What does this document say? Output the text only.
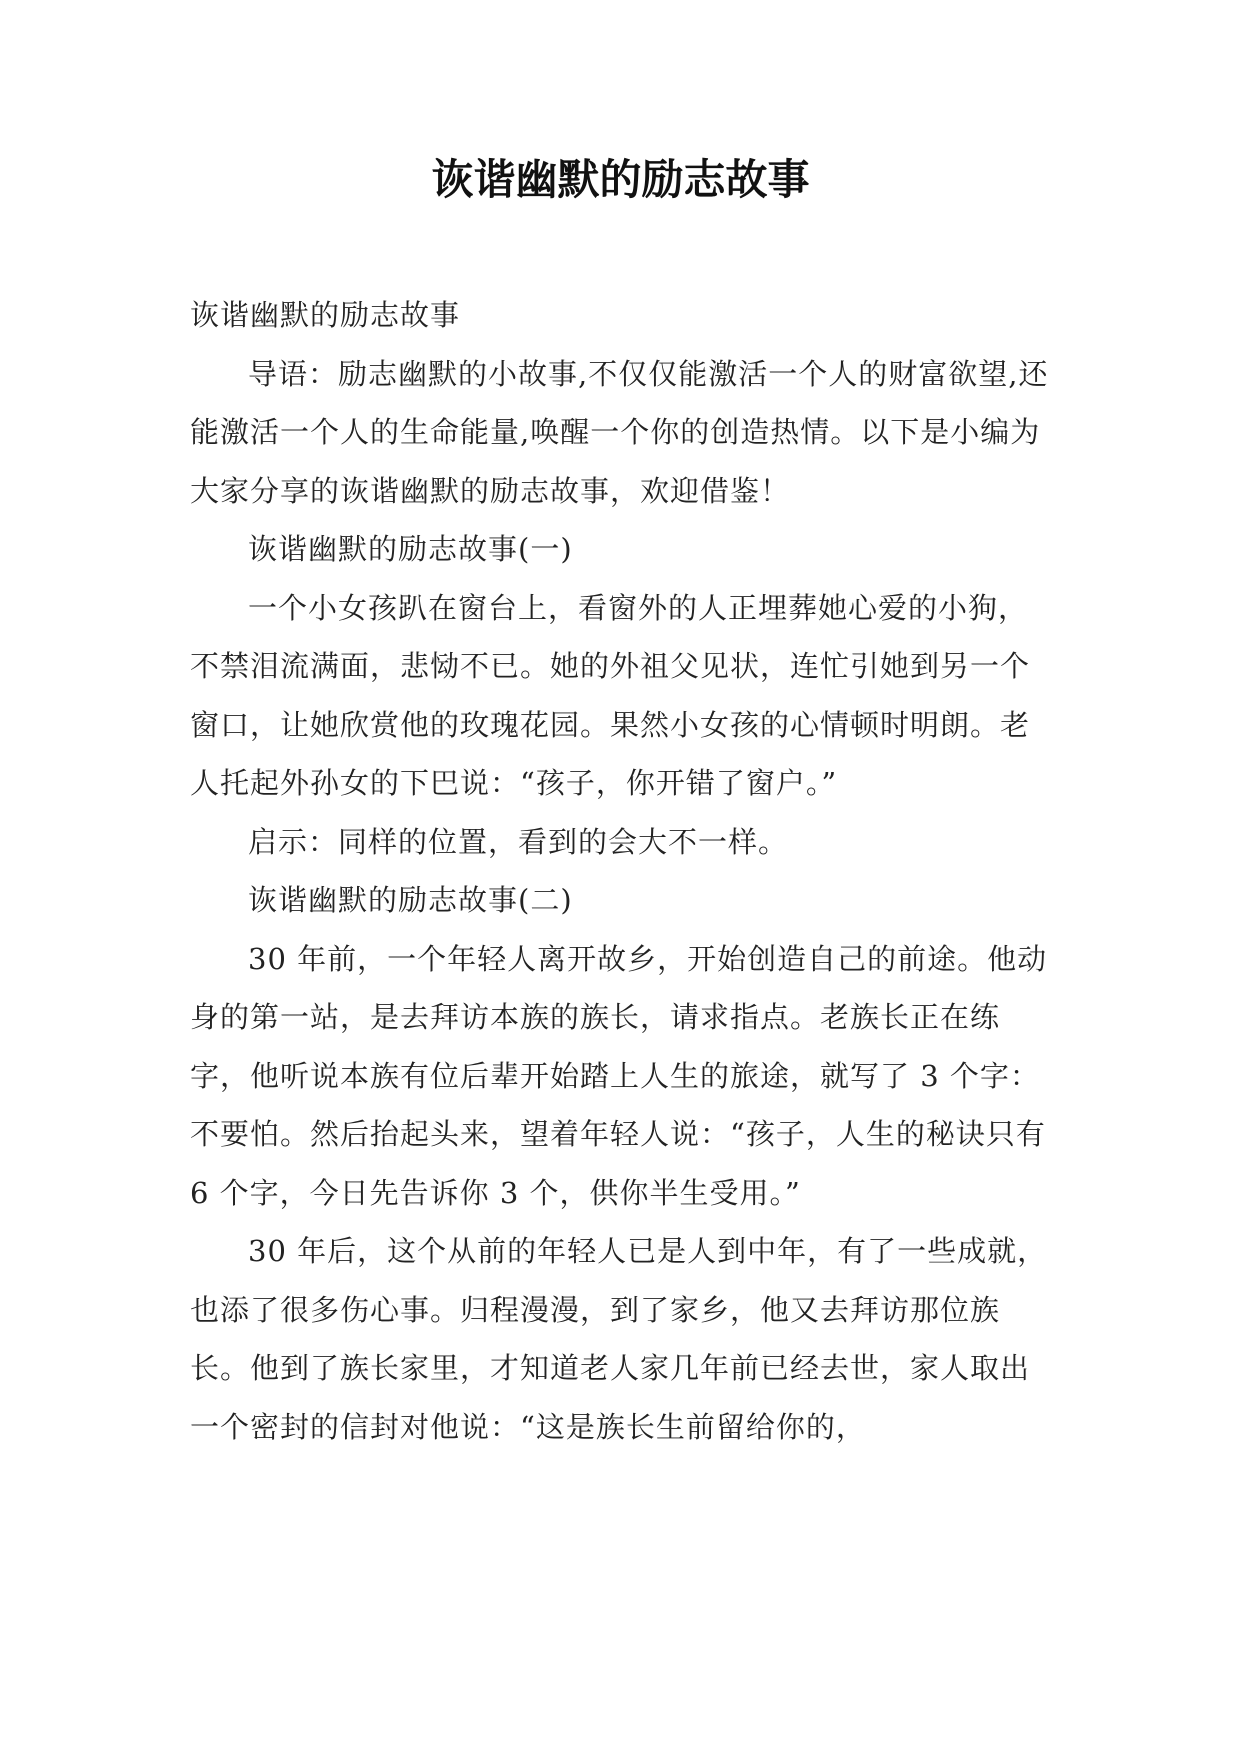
诙谐幽默的励志故事

诙谐幽默的励志故事

导语：励志幽默的小故事,不仅仅能激活一个人的财富欲望,还能激活一个人的生命能量,唤醒一个你的创造热情。以下是小编为大家分享的诙谐幽默的励志故事，欢迎借鉴！

诙谐幽默的励志故事(一)

一个小女孩趴在窗台上，看窗外的人正埋葬她心爱的小狗，不禁泪流满面，悲恸不已。她的外祖父见状，连忙引她到另一个窗口，让她欣赏他的玫瑰花园。果然小女孩的心情顿时明朗。老人托起外孙女的下巴说：“孩子，你开错了窗户。”

启示：同样的位置，看到的会大不一样。

诙谐幽默的励志故事(二)

30 年前，一个年轻人离开故乡，开始创造自己的前途。他动身的第一站，是去拜访本族的族长，请求指点。老族长正在练字，他听说本族有位后辈开始踏上人生的旅途，就写了 3 个字：不要怕。然后抬起头来，望着年轻人说：“孩子，人生的秘诀只有 6 个字，今日先告诉你 3 个，供你半生受用。”

30 年后，这个从前的年轻人已是人到中年，有了一些成就，也添了很多伤心事。归程漫漫，到了家乡，他又去拜访那位族长。他到了族长家里，才知道老人家几年前已经去世，家人取出一个密封的信封对他说：“这是族长生前留给你的，
